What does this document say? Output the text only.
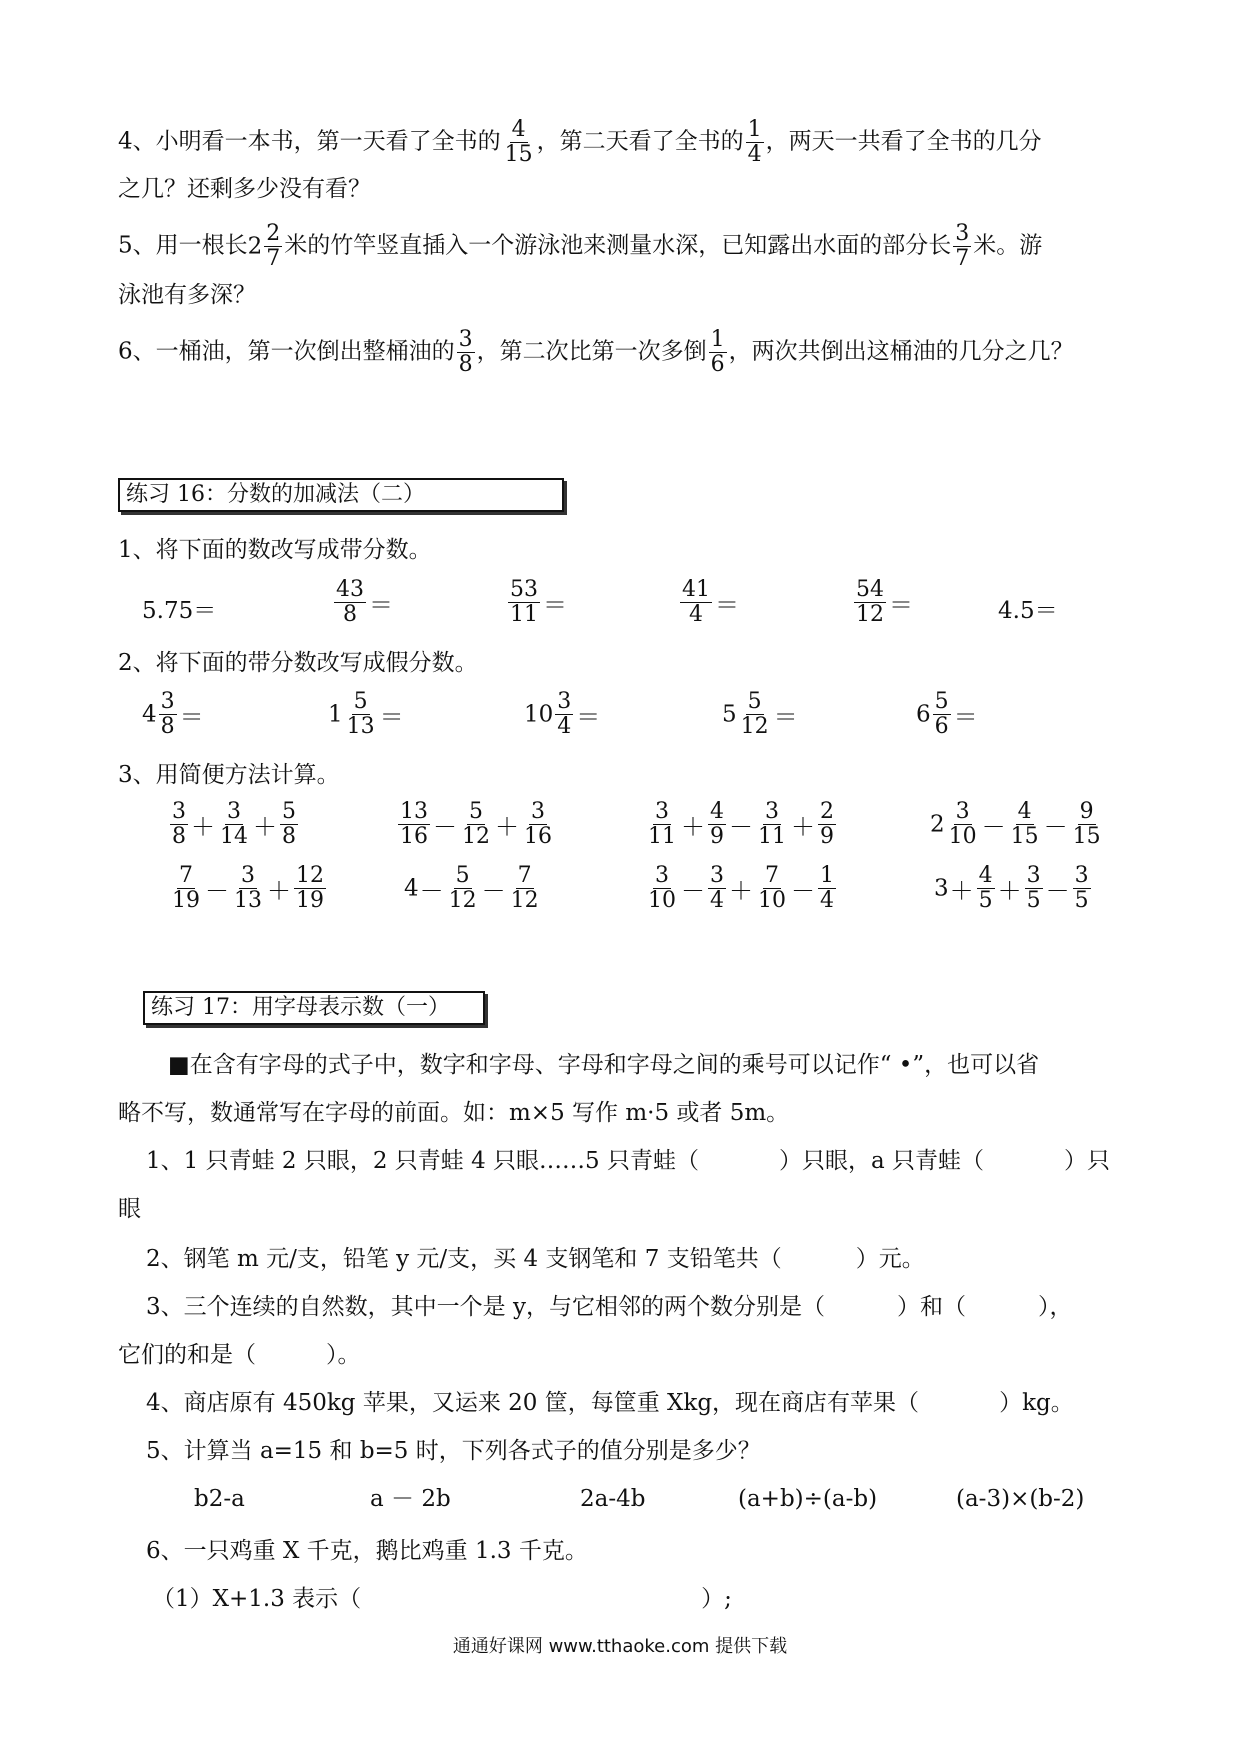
4、小明看一本书，第一天看了全书的 $\frac{4}{15}$ ，第二天看了全书的 $\frac{1}{4}$ ，两天一共看了全书的几分
之几？还剩多少没有看？
5、用一根长$2 \frac{2}{7}$ 米的竹竿竖直插入一个游泳池来测量水深，已知露出水面的部分长 $\frac{3}{7}$ 米。游
泳池有多深？
6、一桶油，第一次倒出整桶油的 $\frac{3}{8}$ ，第二次比第一次多倒 $\frac{1}{6}$ ，两次共倒出这桶油的几分之几？
练习 16：分数的加减法（二）
1、将下面的数改写成带分数。
5.75＝	$\frac{43}{8}$ ＝	$\frac{53}{11}$ ＝	$\frac{41}{4}$ ＝	$\frac{54}{12}$ ＝	4.5＝
2、将下面的带分数改写成假分数。
$4 \frac{3}{8}$ ＝	$1 \frac{5}{13}$ ＝	$10 \frac{3}{4}$ ＝	$5 \frac{5}{12}$ ＝	$6 \frac{5}{6}$ ＝
3、用简便方法计算。
$\frac{3}{8} + \frac{3}{14} + \frac{5}{8}$	$\frac{13}{16} - \frac{5}{12} + \frac{3}{16}$	$\frac{3}{11} + \frac{4}{9} - \frac{3}{11} + \frac{2}{9}$	$2 \frac{3}{10} - \frac{4}{15} - \frac{9}{15}$
$\frac{7}{19} - \frac{3}{13} + \frac{12}{19}$	$4- \frac{5}{12} - \frac{7}{12}$	$\frac{3}{10} - \frac{3}{4} + \frac{7}{10} - \frac{1}{4}$	$3+ \frac{4}{5} + \frac{3}{5} - \frac{3}{5}$
练习 17：用字母表示数（一）
■在含有字母的式子中，数字和字母、字母和字母之间的乘号可以记作“ •”，也可以省
略不写，数通常写在字母的前面。如：m×5 写作 m·5 或者 5m。
1、1 只青蛙 2 只眼，2 只青蛙 4 只眼……5 只青蛙（	）只眼，a 只青蛙（	）只
眼
2、钢笔 m 元/支，铅笔 y 元/支，买 4 支钢笔和 7 支铅笔共（	）元。
3、三个连续的自然数，其中一个是 y，与它相邻的两个数分别是（	）和（	），
它们的和是（	）。
4、商店原有 450kg 苹果，又运来 20 筐，每筐重 Xkg，现在商店有苹果（	）kg。
5、计算当 a=15 和 b=5 时，下列各式子的值分别是多少？
b2-a	a － 2b	2a-4b	(a+b)÷(a-b)	(a-3)×(b-2)
6、一只鸡重 X 千克，鹅比鸡重 1.3 千克。
（1）X+1.3 表示（	）;
通通好课网 www.tthaoke.com 提供下载
